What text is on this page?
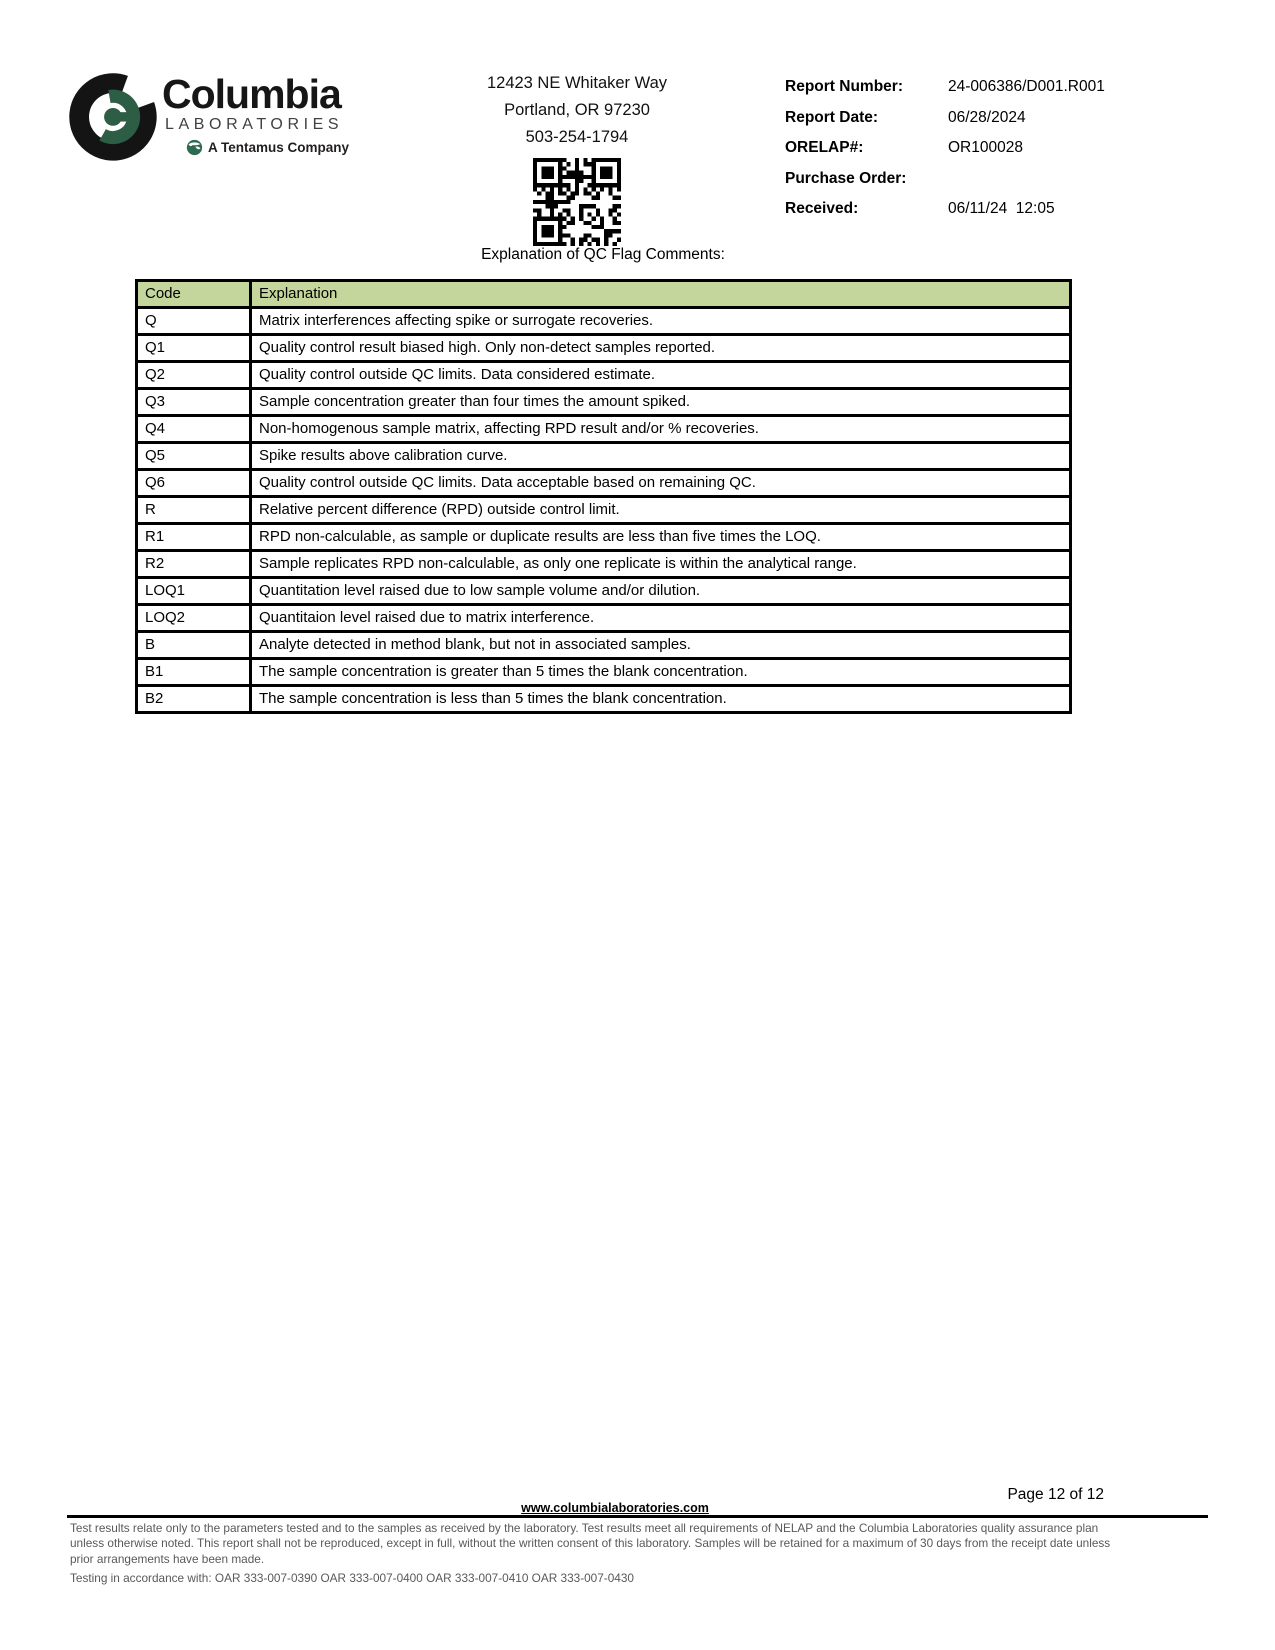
Columbia
LABORATORIES
A Tentamus Company
12423 NE Whitaker Way
Portland, OR 97230
503-254-1794
Report Number:	24-006386/D001.R001
Report Date:	06/28/2024
ORELAP#:	OR100028
Purchase Order:
Received:	06/11/24  12:05
Explanation of QC Flag Comments:
Code	Explanation
Q	Matrix interferences affecting spike or surrogate recoveries.
Q1	Quality control result biased high. Only non-detect samples reported.
Q2	Quality control outside QC limits. Data considered estimate.
Q3	Sample concentration greater than four times the amount spiked.
Q4	Non-homogenous sample matrix, affecting RPD result and/or % recoveries.
Q5	Spike results above calibration curve.
Q6	Quality control outside QC limits. Data acceptable based on remaining QC.
R	Relative percent difference (RPD) outside control limit.
R1	RPD non-calculable, as sample or duplicate results are less than five times the LOQ.
R2	Sample replicates RPD non-calculable, as only one replicate is within the analytical range.
LOQ1	Quantitation level raised due to low sample volume and/or dilution.
LOQ2	Quantitaion level raised due to matrix interference.
B	Analyte detected in method blank, but not in associated samples.
B1	The sample concentration is greater than 5 times the blank concentration.
B2	The sample concentration is less than 5 times the blank concentration.
Page 12 of 12
www.columbialaboratories.com
Test results relate only to the parameters tested and to the samples as received by the laboratory. Test results meet all requirements of NELAP and the Columbia Laboratories quality assurance plan
unless otherwise noted. This report shall not be reproduced, except in full, without the written consent of this laboratory. Samples will be retained for a maximum of 30 days from the receipt date unless
prior arrangements have been made.
Testing in accordance with: OAR 333-007-0390 OAR 333-007-0400 OAR 333-007-0410 OAR 333-007-0430
